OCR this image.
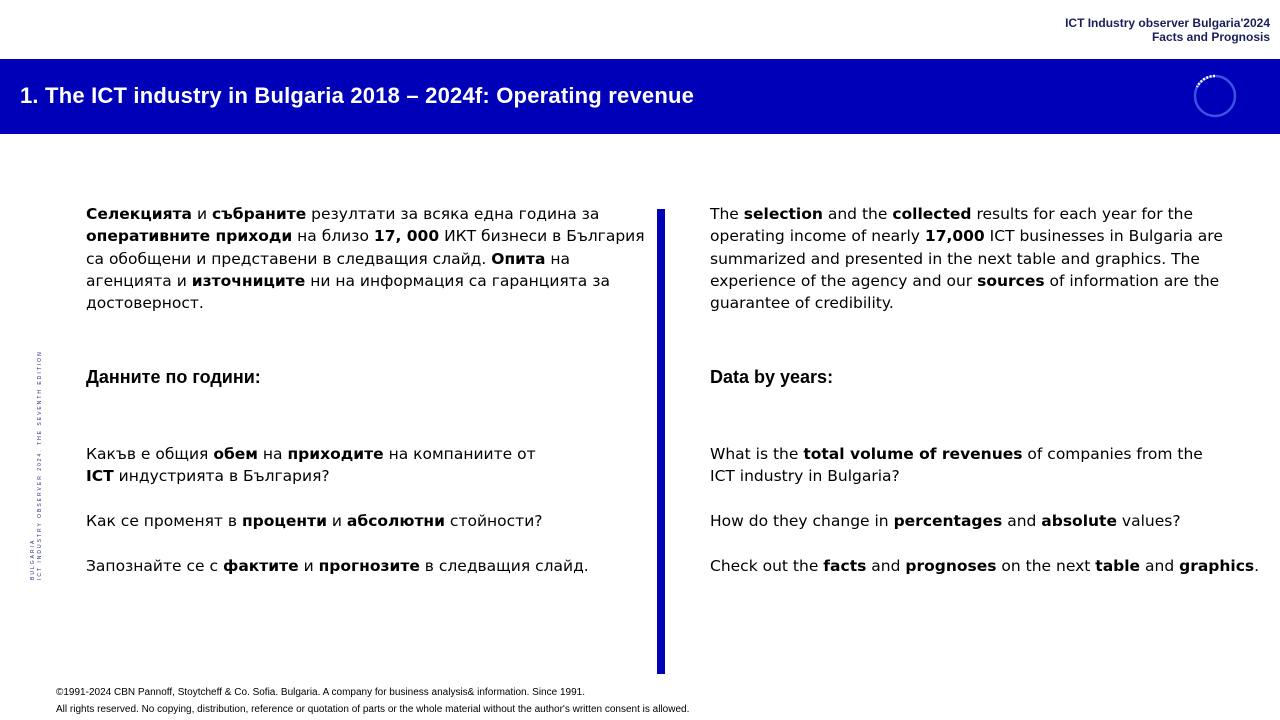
ICT Industry observer Bulgaria'2024
Facts and Prognosis
1. The ICT industry in Bulgaria 2018 – 2024f: Operating revenue
BULGARIA ICT INDUSTRY OBSERVER 2024. THE SEVENTH EDITION

Селекцията и събраните резултати за всяка една година за оперативните приходи на близо 17, 000 ИКТ бизнеси в България са обобщени и представени в следващия слайд. Опита на агенцията и източниците ни на информация са гаранцията за достоверност.

Данните по години:

Какъв е общия обем на приходите на компаниите от ICT индустрията в България?

Как се променят в проценти и абсолютни стойности?

Запознайте се с фактите и прогнозите в следващия слайд.

The selection and the collected results for each year for the operating income of nearly 17,000 ICT businesses in Bulgaria are summarized and presented in the next table and graphics. The experience of the agency and our sources of information are the guarantee of credibility.

Data by years:

What is the total volume of revenues of companies from the ICT industry in Bulgaria?

How do they change in percentages and absolute values?

Check out the facts and prognoses on the next table and graphics.

©1991-2024 CBN Pannoff, Stoytcheff & Co. Sofia. Bulgaria. A company for business analysis& information. Since 1991.

All rights reserved. No copying, distribution, reference or quotation of parts or the whole material without the author's written consent is allowed.
